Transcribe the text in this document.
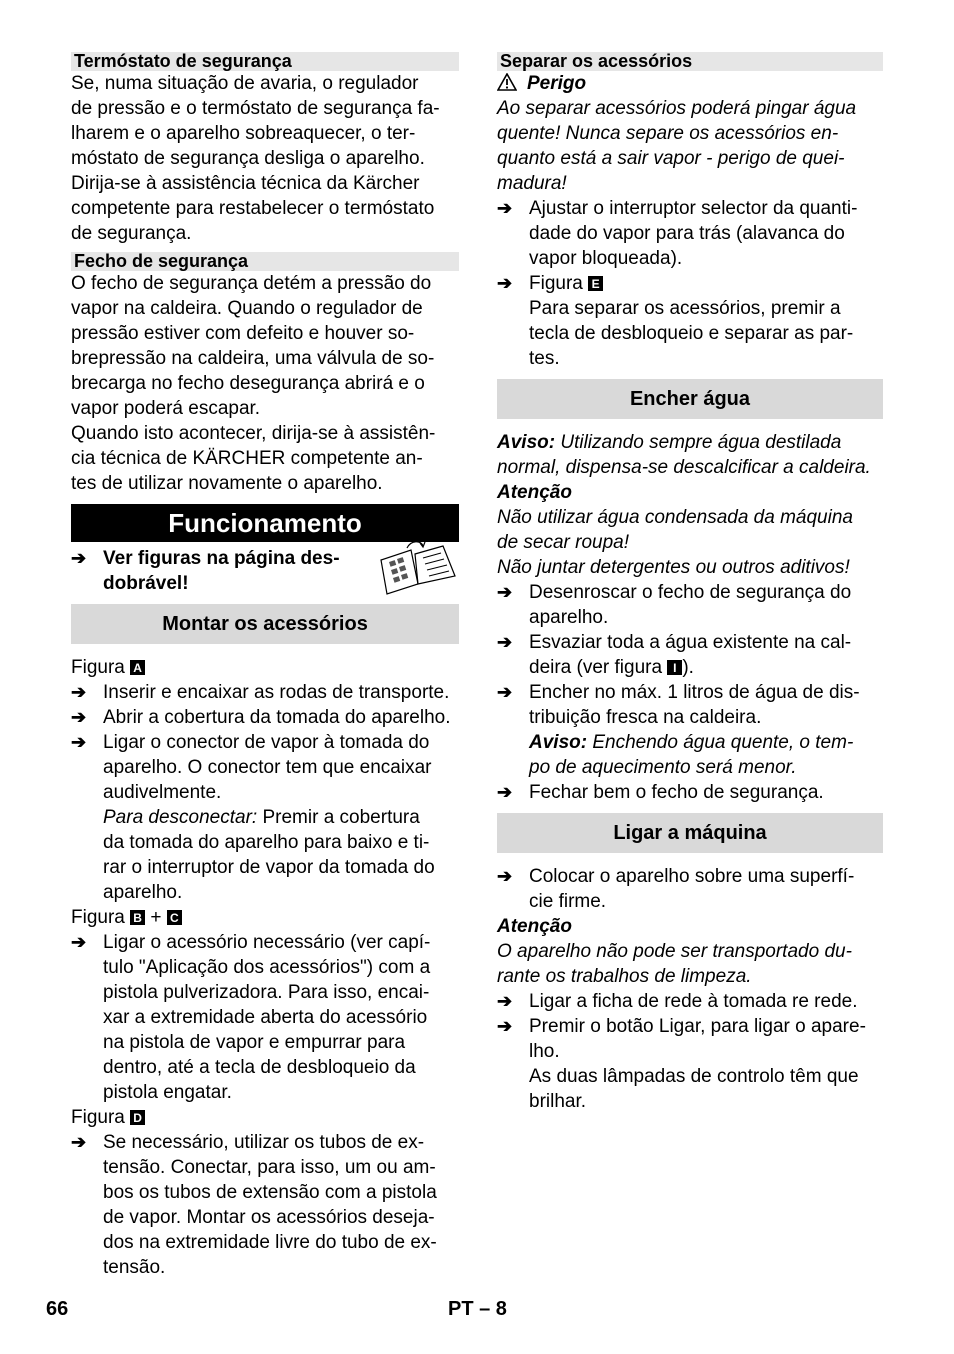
Termóstato de segurança
Se, numa situação de avaria, o regulador
de pressão e o termóstato de segurança fa-
lharem e o aparelho sobreaquecer, o ter-
móstato de segurança desliga o aparelho.
Dirija-se à assistência técnica da Kärcher
competente para restabelecer o termóstato
de segurança.
Fecho de segurança
O fecho de segurança detém a pressão do
vapor na caldeira. Quando o regulador de
pressão estiver com defeito e houver so-
brepressão na caldeira, uma válvula de so-
brecarga no fecho desegurança abrirá e o
vapor poderá escapar.
Quando isto acontecer, dirija-se à assistên-
cia técnica de KÄRCHER competente an-
tes de utilizar novamente o aparelho.
Funcionamento
➔ Ver figuras na página des-
dobrável!
Montar os acessórios
Figura A
➔ Inserir e encaixar as rodas de transporte.
➔ Abrir a cobertura da tomada do aparelho.
➔ Ligar o conector de vapor à tomada do
aparelho. O conector tem que encaixar
audivelmente.
Para desconectar: Premir a cobertura
da tomada do aparelho para baixo e ti-
rar o interruptor de vapor da tomada do
aparelho.
Figura B + C
➔ Ligar o acessório necessário (ver capí-
tulo "Aplicação dos acessórios") com a
pistola pulverizadora. Para isso, encai-
xar a extremidade aberta do acessório
na pistola de vapor e empurrar para
dentro, até a tecla de desbloqueio da
pistola engatar.
Figura D
➔ Se necessário, utilizar os tubos de ex-
tensão. Conectar, para isso, um ou am-
bos os tubos de extensão com a pistola
de vapor. Montar os acessórios deseja-
dos na extremidade livre do tubo de ex-
tensão.
Separar os acessórios
Perigo
Ao separar acessórios poderá pingar água
quente! Nunca separe os acessórios en-
quanto está a sair vapor - perigo de quei-
madura!
➔ Ajustar o interruptor selector da quanti-
dade do vapor para trás (alavanca do
vapor bloqueada).
➔ Figura E
Para separar os acessórios, premir a
tecla de desbloqueio e separar as par-
tes.
Encher água
Aviso: Utilizando sempre água destilada
normal, dispensa-se descalcificar a caldeira.
Atenção
Não utilizar água condensada da máquina
de secar roupa!
Não juntar detergentes ou outros aditivos!
➔ Desenroscar o fecho de segurança do
aparelho.
➔ Esvaziar toda a água existente na cal-
deira (ver figura I ).
➔ Encher no máx. 1 litros de água de dis-
tribuição fresca na caldeira.
Aviso: Enchendo água quente, o tem-
po de aquecimento será menor.
➔ Fechar bem o fecho de segurança.
Ligar a máquina
➔ Colocar o aparelho sobre uma superfí-
cie firme.
Atenção
O aparelho não pode ser transportado du-
rante os trabalhos de limpeza.
➔ Ligar a ficha de rede à tomada re rede.
➔ Premir o botão Ligar, para ligar o apare-
lho.
As duas lâmpadas de controlo têm que
brilhar.
66	PT – 8
